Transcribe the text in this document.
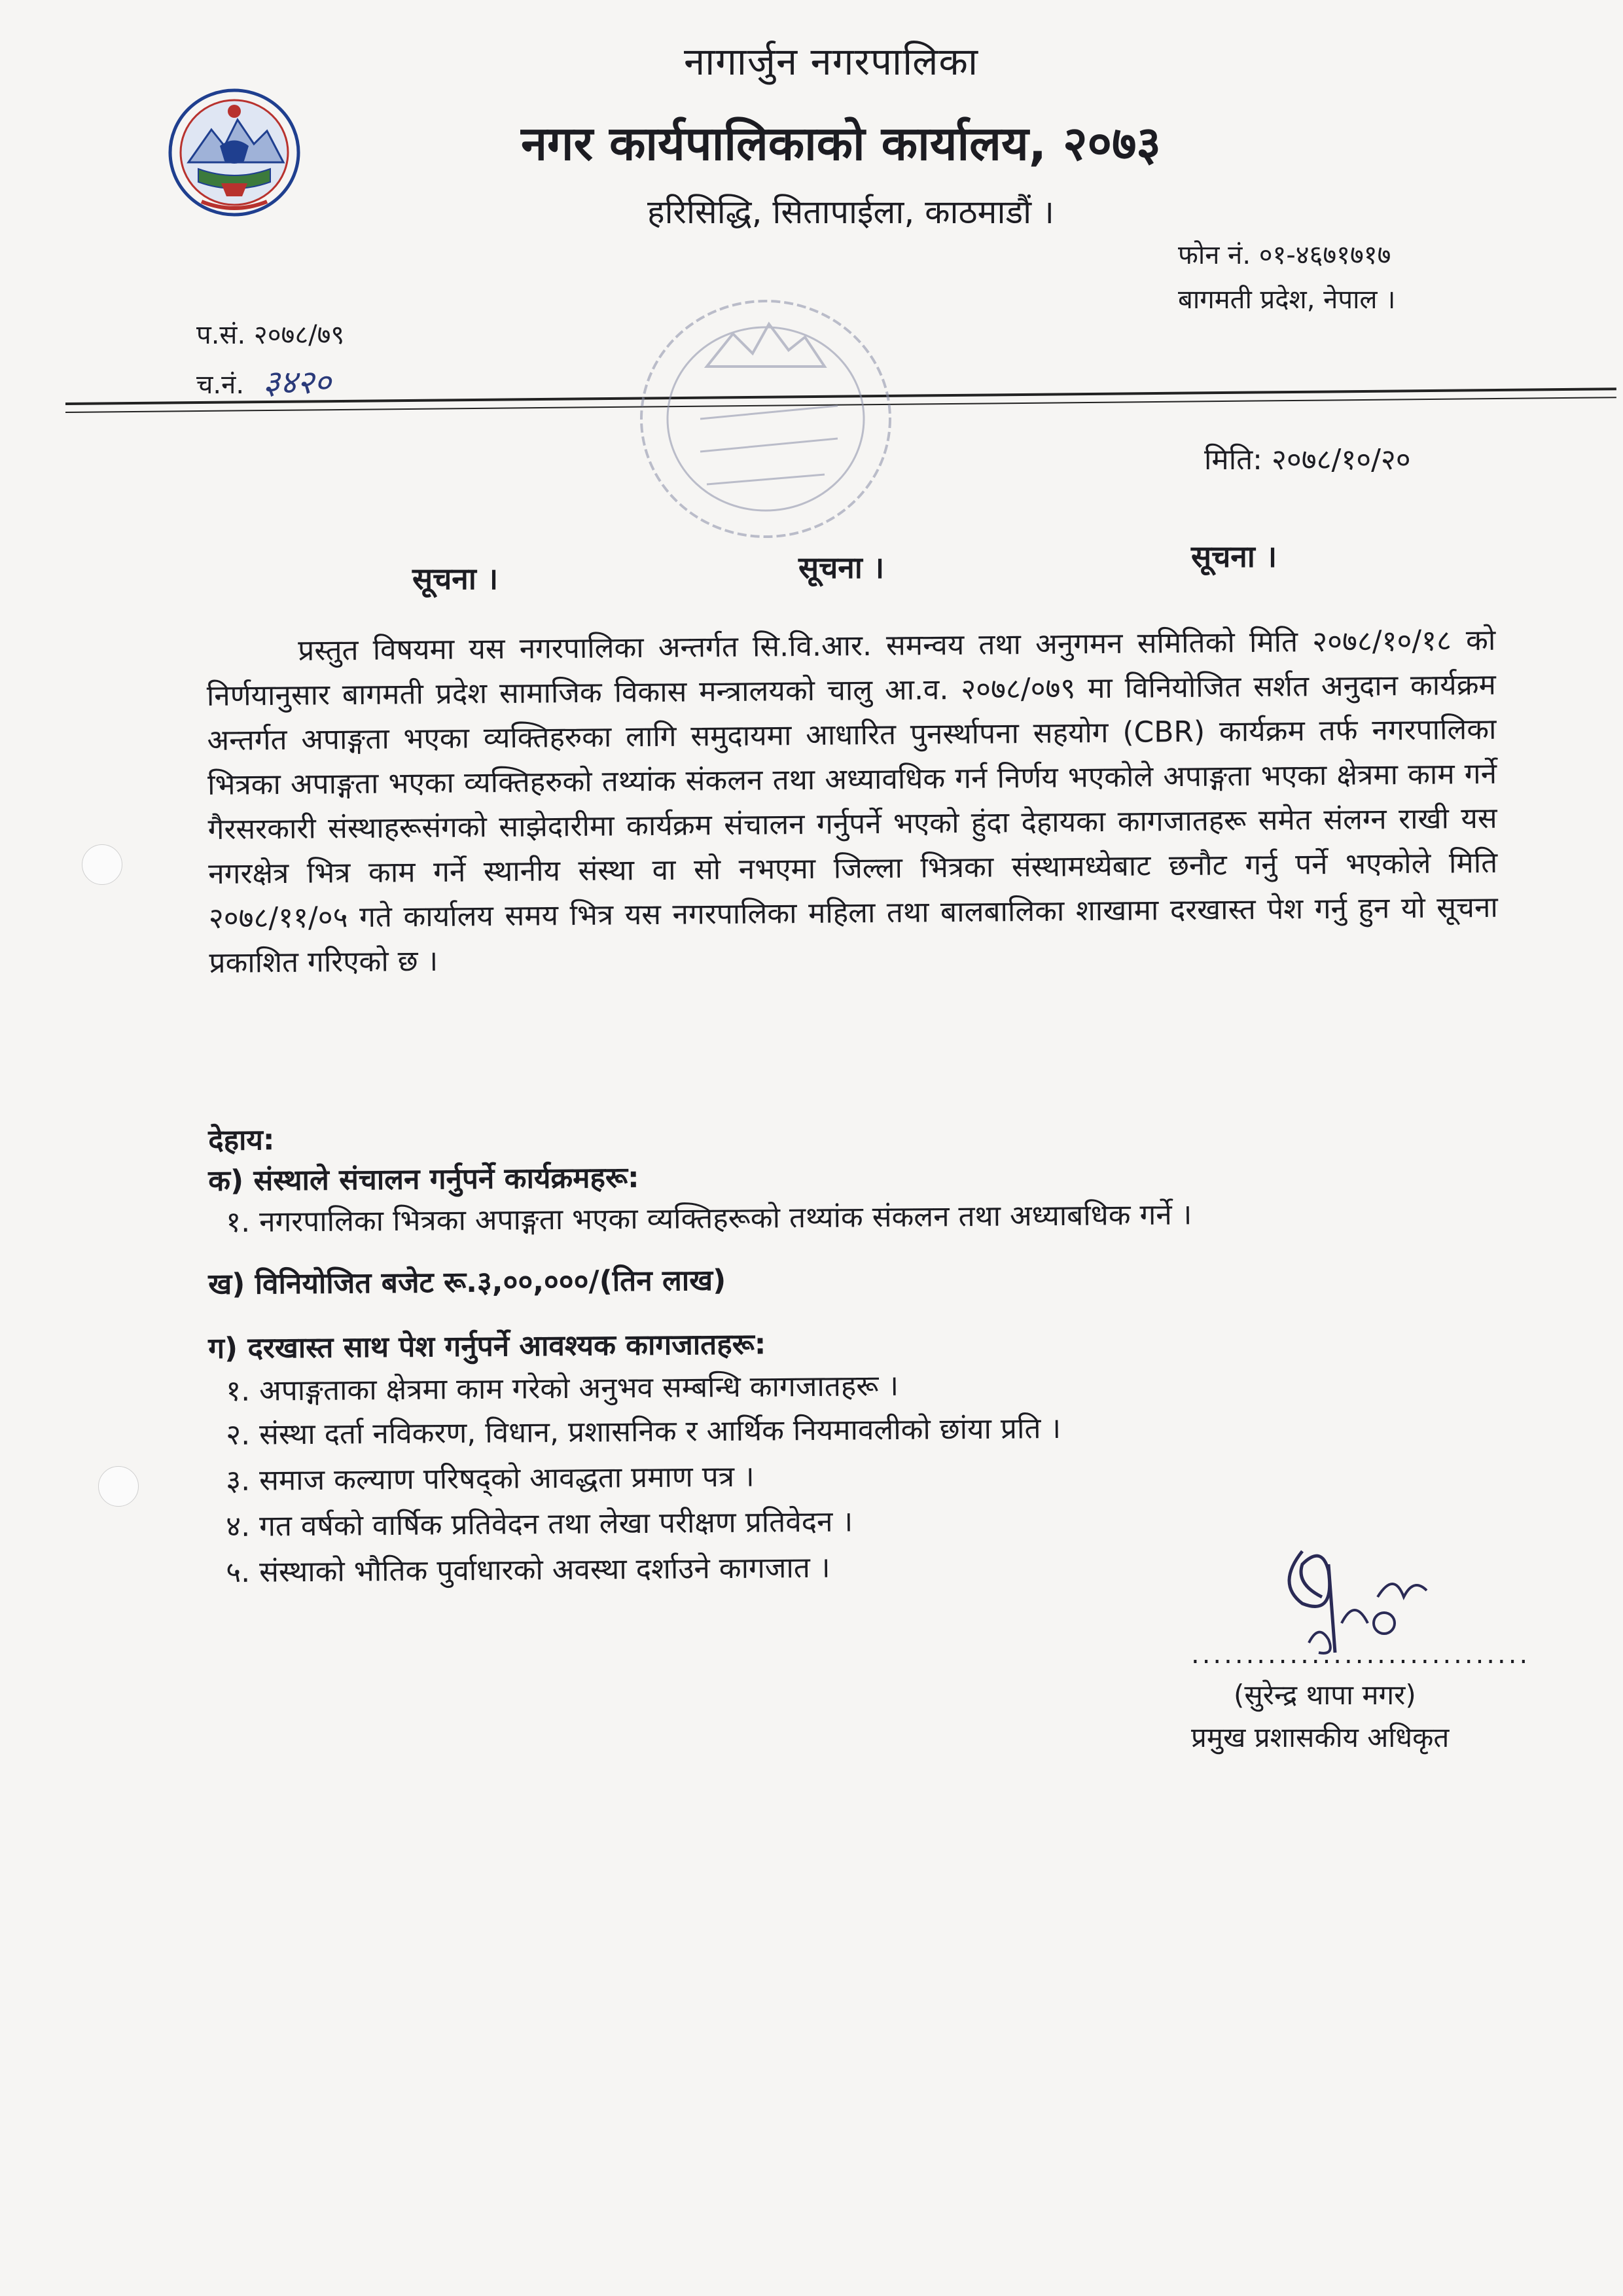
नागार्जुन नगरपालिका
नगर कार्यपालिकाको कार्यालय, २०७३
हरिसिद्धि, सितापाईला, काठमाडौं ।
फोन नं. ०१-४६७१७१७
बागमती प्रदेश, नेपाल ।
प.सं. २०७८/७९
च.नं. ३४२०
मिति: २०७८/१०/२०
सूचना ।	सूचना ।	सूचना ।
प्रस्तुत विषयमा यस नगरपालिका अन्तर्गत सि.वि.आर. समन्वय तथा अनुगमन समितिको मिति २०७८/१०/१८ को निर्णयानुसार बागमती प्रदेश सामाजिक विकास मन्त्रालयको चालु आ.व. २०७८/०७९ मा विनियोजित सर्शत अनुदान कार्यक्रम अन्तर्गत अपाङ्गता भएका व्यक्तिहरुका लागि समुदायमा आधारित पुनर्स्थापना सहयोग (CBR) कार्यक्रम तर्फ नगरपालिका भित्रका अपाङ्गता भएका व्यक्तिहरुको तथ्यांक संकलन तथा अध्यावधिक गर्न निर्णय भएकोले अपाङ्गता भएका क्षेत्रमा काम गर्ने गैरसरकारी संस्थाहरूसंगको साझेदारीमा कार्यक्रम संचालन गर्नुपर्ने भएको हुंदा देहायका कागजातहरू समेत संलग्न राखी यस नगरक्षेत्र भित्र काम गर्ने स्थानीय संस्था वा सो नभएमा जिल्ला भित्रका संस्थामध्येबाट छनौट गर्नु पर्ने भएकोले मिति २०७८/११/०५ गते कार्यालय समय भित्र यस नगरपालिका महिला तथा बालबालिका शाखामा दरखास्त पेश गर्नु हुन यो सूचना प्रकाशित गरिएको छ ।
देहाय:
क) संस्थाले संचालन गर्नुपर्ने कार्यक्रमहरू:
१. नगरपालिका भित्रका अपाङ्गता भएका व्यक्तिहरूको तथ्यांक संकलन तथा अध्याबधिक गर्ने ।
ख) विनियोजित बजेट रू.३,००,०००/(तिन लाख)
ग) दरखास्त साथ पेश गर्नुपर्ने आवश्यक कागजातहरू:
१. अपाङ्गताका क्षेत्रमा काम गरेको अनुभव सम्बन्धि कागजातहरू ।
२. संस्था दर्ता नविकरण, विधान, प्रशासनिक र आर्थिक नियमावलीको छांया प्रति ।
३. समाज कल्याण परिषद्को आवद्धता प्रमाण पत्र ।
४. गत वर्षको वार्षिक प्रतिवेदन तथा लेखा परीक्षण प्रतिवेदन ।
५. संस्थाको भौतिक पुर्वाधारको अवस्था दर्शाउने कागजात ।
...............................
(सुरेन्द्र थापा मगर)
प्रमुख प्रशासकीय अधिकृत
